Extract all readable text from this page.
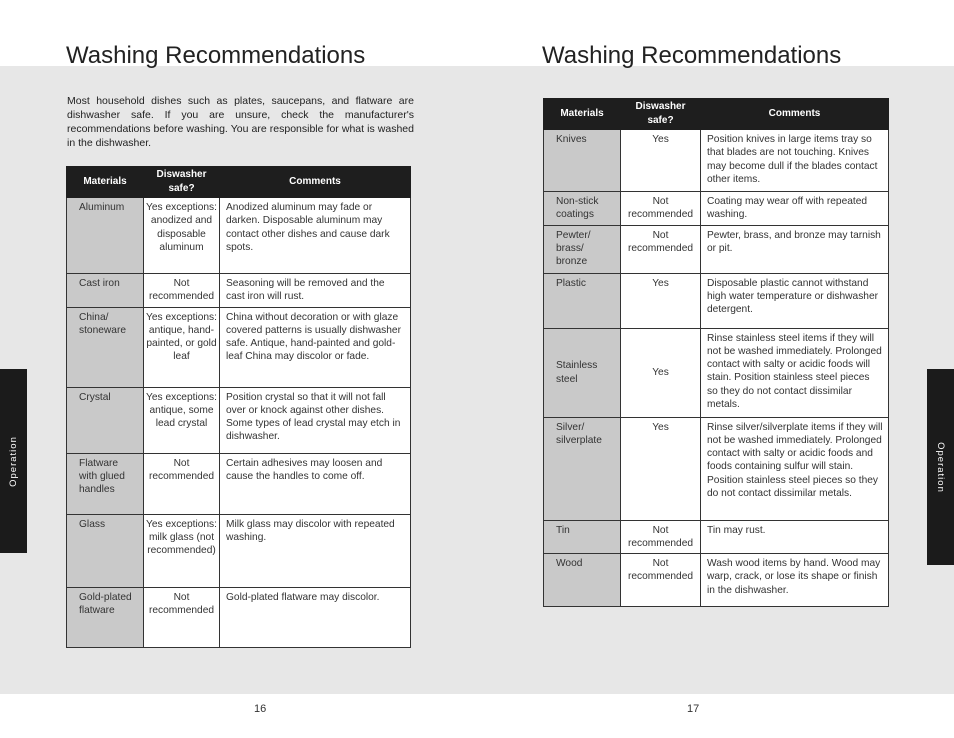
Washing Recommendations	Washing Recommendations

Most household dishes such as plates, saucepans, and flatware are dishwasher safe. If you are unsure, check the manufacturer's recommendations before washing. You are responsible for what is washed in the dishwasher.

Materials	Diswasher safe?	Comments
Aluminum	Yes exceptions: anodized and disposable aluminum	Anodized aluminum may fade or darken. Disposable aluminum may contact other dishes and cause dark spots.
Cast iron	Not recommended	Seasoning will be removed and the cast iron will rust.
China/ stoneware	Yes exceptions: antique, hand-painted, or gold leaf	China without decoration or with glaze covered patterns is usually dishwasher safe. Antique, hand-painted and gold-leaf China may discolor or fade.
Crystal	Yes exceptions: antique, some lead crystal	Position crystal so that it will not fall over or knock against other dishes. Some types of lead crystal may etch in dishwasher.
Flatware with glued handles	Not recommended	Certain adhesives may loosen and cause the handles to come off.
Glass	Yes exceptions: milk glass (not recommended)	Milk glass may discolor with repeated washing.
Gold-plated flatware	Not recommended	Gold-plated flatware may discolor.
Materials	Diswasher safe?	Comments
Knives	Yes	Position knives in large items tray so that blades are not touching. Knives may become dull if the blades contact other items.
Non-stick coatings	Not recommended	Coating may wear off with repeated washing.
Pewter/ brass/ bronze	Not recommended	Pewter, brass, and bronze may tarnish or pit.
Plastic	Yes	Disposable plastic cannot withstand high water temperature or dishwasher detergent.
Stainless steel	Yes	Rinse stainless steel items if they will not be washed immediately. Prolonged contact with salty or acidic foods will stain. Position stainless steel pieces so they do not contact dissimilar metals.
Silver/ silverplate	Yes	Rinse silver/silverplate items if they will not be washed immediately. Prolonged contact with salty or acidic foods and foods containing sulfur will stain. Position stainless steel pieces so they do not contact dissimilar metals.
Tin	Not recommended	Tin may rust.
Wood	Not recommended	Wash wood items by hand. Wood may warp, crack, or lose its shape or finish in the dishwasher.
Operation	Operation
16	17
